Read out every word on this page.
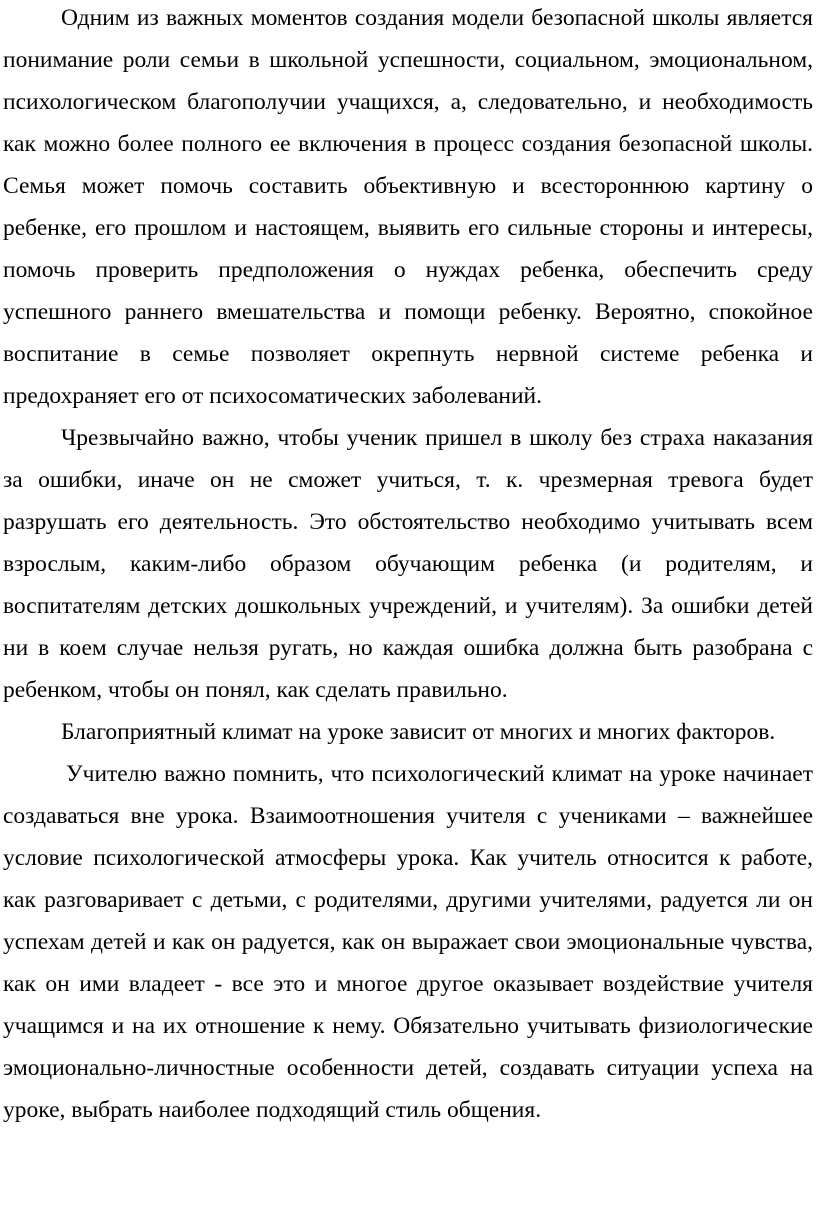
Одним из важных моментов создания модели безопасной школы является понимание роли семьи в школьной успешности, социальном, эмоциональном, психологическом благополучии учащихся, а, следовательно, и необходимость как можно более полного ее включения в процесс создания безопасной школы. Семья может помочь составить объективную и всестороннюю картину о ребенке, его прошлом и настоящем, выявить его сильные стороны и интересы, помочь проверить предположения о нуждах ребенка, обеспечить среду успешного раннего вмешательства и помощи ребенку. Вероятно, спокойное воспитание в семье позволяет окрепнуть нервной системе ребенка и предохраняет его от психосоматических заболеваний.

Чрезвычайно важно, чтобы ученик пришел в школу без страха наказания за ошибки, иначе он не сможет учиться, т. к. чрезмерная тревога будет разрушать его деятельность. Это обстоятельство необходимо учитывать всем взрослым, каким-либо образом обучающим ребенка (и родителям, и воспитателям детских дошкольных учреждений, и учителям). За ошибки детей ни в коем случае нельзя ругать, но каждая ошибка должна быть разобрана с ребенком, чтобы он понял, как сделать правильно.

Благоприятный климат на уроке зависит от многих и многих факторов.

Учителю важно помнить, что психологический климат на уроке начинает создаваться вне урока. Взаимоотношения учителя с учениками – важнейшее условие психологической атмосферы урока. Как учитель относится к работе, как разговаривает с детьми, с родителями, другими учителями, радуется ли он успехам детей и как он радуется, как он выражает свои эмоциональные чувства, как он ими владеет - все это и многое другое оказывает воздействие учителя учащимся и на их отношение к нему. Обязательно учитывать физиологические эмоционально-личностные особенности детей, создавать ситуации успеха на уроке, выбрать наиболее подходящий стиль общения.
